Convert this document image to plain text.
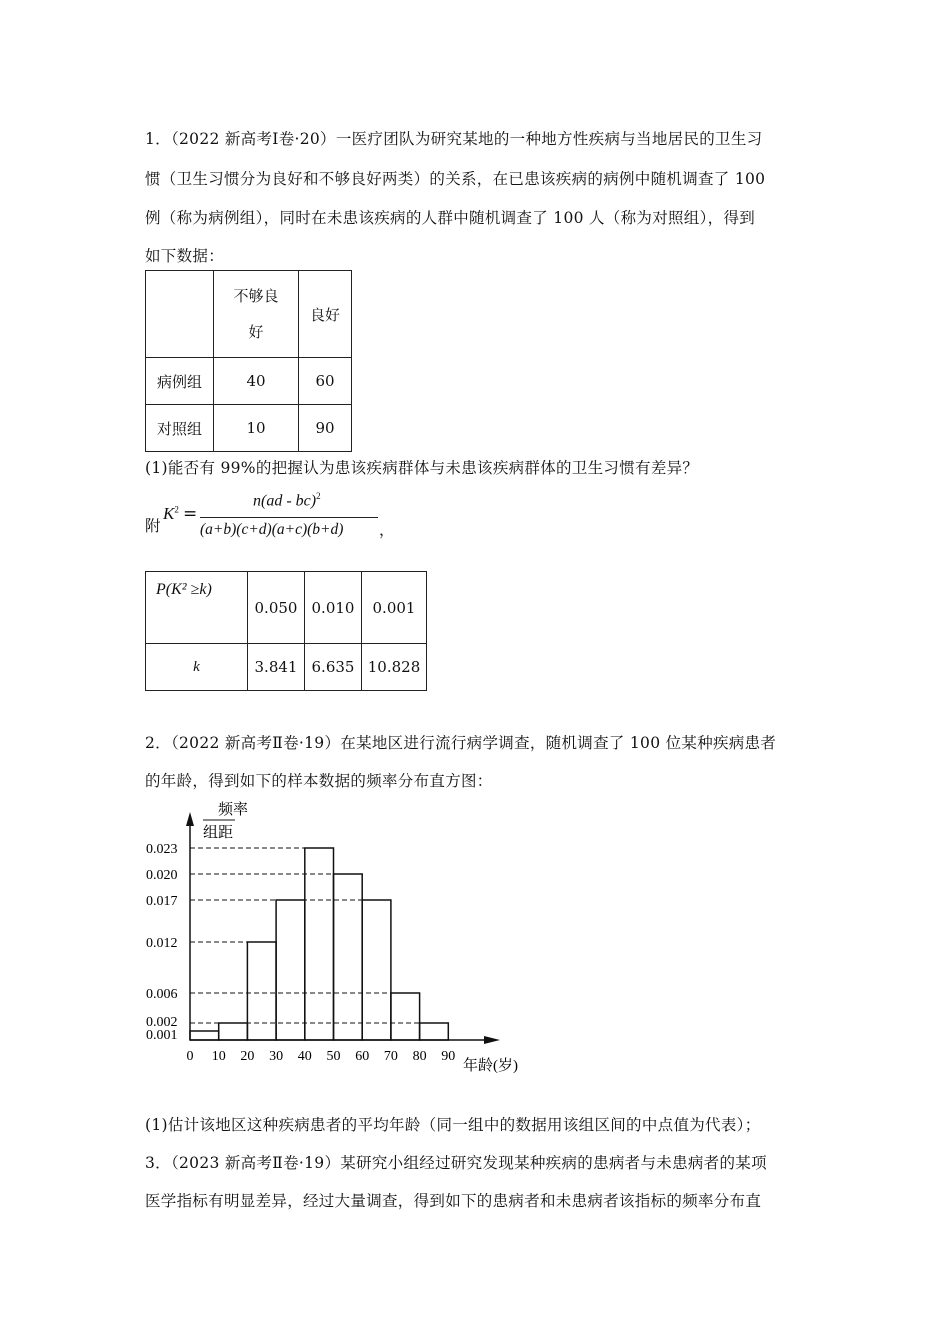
1．（2022 新高考Ⅰ卷·20）一医疗团队为研究某地的一种地方性疾病与当地居民的卫生习
惯（卫生习惯分为良好和不够良好两类）的关系，在已患该疾病的病例中随机调查了 100
例（称为病例组），同时在未患该疾病的人群中随机调查了 100 人（称为对照组），得到
如下数据：
	不够良
好	良好
病例组	40	60
对照组	10	90
(1)能否有 99%的把握认为患该疾病群体与未患该疾病群体的卫生习惯有差异？
附
$K^2$ =
n(ad - bc)$^2$
(a+b)(c+d)(a+c)(b+d) ，
P(K² ≥k)	0.050	0.010	0.001
k	3.841	6.635	10.828
2．（2022 新高考Ⅱ卷·19）在某地区进行流行病学调查，随机调查了 100 位某种疾病患者
的年龄，得到如下的样本数据的频率分布直方图：
0.001
0.002
0.006
0.012
0.017
0.020
0.023
0 10 20 30 40 50 60 70 80 90
频率
组距
年龄(岁)
(1)估计该地区这种疾病患者的平均年龄（同一组中的数据用该组区间的中点值为代表）；
3．（2023 新高考Ⅱ卷·19）某研究小组经过研究发现某种疾病的患病者与未患病者的某项
医学指标有明显差异，经过大量调查，得到如下的患病者和未患病者该指标的频率分布直
